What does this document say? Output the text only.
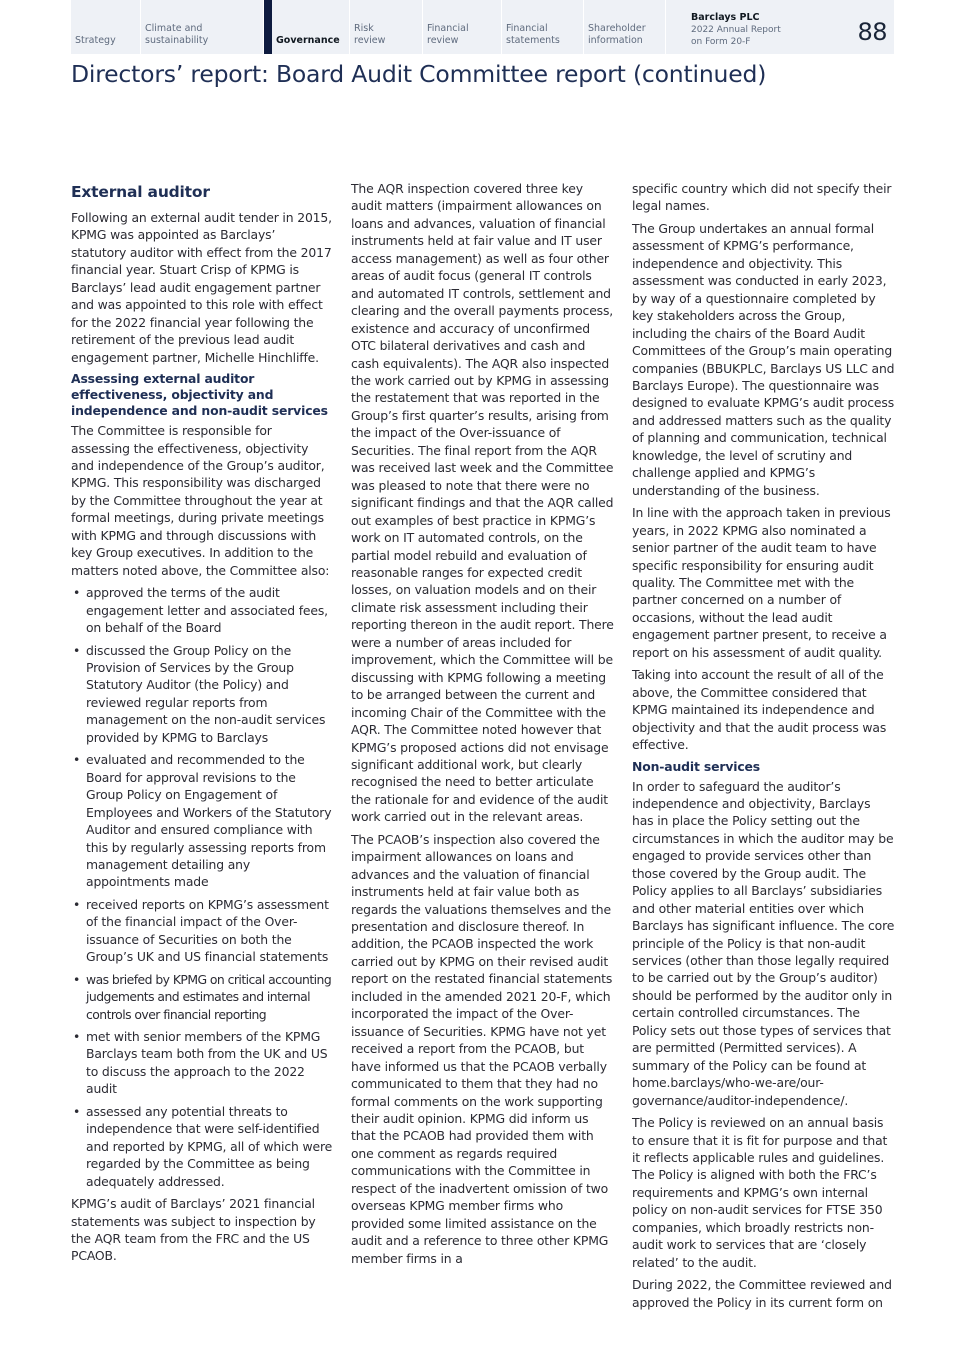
Strategy
Climate and sustainability	Governance
Risk review
Financial review
Financial statements
Shareholder information
Barclays PLC
2022 Annual Report
on Form 20-F	88
Directors’ report: Board Audit Committee report (continued)
External auditor

Following an external audit tender in 2015, KPMG was appointed as Barclays’ statutory auditor with effect from the 2017 financial year. Stuart Crisp of KPMG is Barclays’ lead audit engagement partner and was appointed to this role with effect for the 2022 financial year following the retirement of the previous lead audit engagement partner, Michelle Hinchliffe.

Assessing external auditor effectiveness, objectivity and independence and non-audit services

The Committee is responsible for assessing the effectiveness, objectivity and independence of the Group’s auditor, KPMG. This responsibility was discharged by the Committee throughout the year at formal meetings, during private meetings with KPMG and through discussions with key Group executives. In addition to the matters noted above, the Committee also:

• approved the terms of the audit engagement letter and associated fees, on behalf of the Board
• discussed the Group Policy on the Provision of Services by the Group Statutory Auditor (the Policy) and reviewed regular reports from management on the non-audit services provided by KPMG to Barclays
• evaluated and recommended to the Board for approval revisions to the Group Policy on Engagement of Employees and Workers of the Statutory Auditor and ensured compliance with this by regularly assessing reports from management detailing any appointments made
• received reports on KPMG’s assessment of the financial impact of the Over-issuance of Securities on both the Group’s UK and US financial statements
• was briefed by KPMG on critical accounting judgements and estimates and internal controls over financial reporting
• met with senior members of the KPMG Barclays team both from the UK and US to discuss the approach to the 2022 audit
• assessed any potential threats to independence that were self-identified and reported by KPMG, all of which were regarded by the Committee as being adequately addressed.

KPMG’s audit of Barclays’ 2021 financial statements was subject to inspection by the AQR team from the FRC and the US PCAOB.

The AQR inspection covered three key audit matters (impairment allowances on loans and advances, valuation of financial instruments held at fair value and IT user access management) as well as four other areas of audit focus (general IT controls and automated IT controls, settlement and clearing and the overall payments process, existence and accuracy of unconfirmed OTC bilateral derivatives and cash and cash equivalents). The AQR also inspected the work carried out by KPMG in assessing the restatement that was reported in the Group’s first quarter’s results, arising from the impact of the Over-issuance of Securities. The final report from the AQR was received last week and the Committee was pleased to note that there were no significant findings and that the AQR called out examples of best practice in KPMG’s work on IT automated controls, on the partial model rebuild and evaluation of reasonable ranges for expected credit losses, on valuation models and on their climate risk assessment including their reporting thereon in the audit report. There were a number of areas included for improvement, which the Committee will be discussing with KPMG following a meeting to be arranged between the current and incoming Chair of the Committee with the AQR. The Committee noted however that KPMG’s proposed actions did not envisage significant additional work, but clearly recognised the need to better articulate the rationale for and evidence of the audit work carried out in the relevant areas.

The PCAOB’s inspection also covered the impairment allowances on loans and advances and the valuation of financial instruments held at fair value both as regards the valuations themselves and the presentation and disclosure thereof. In addition, the PCAOB inspected the work carried out by KPMG on their revised audit report on the restated financial statements included in the amended 2021 20-F, which incorporated the impact of the Over-issuance of Securities. KPMG have not yet received a report from the PCAOB, but have informed us that the PCAOB verbally communicated to them that they had no formal comments on the work supporting their audit opinion. KPMG did inform us that the PCAOB had provided them with one comment as regards required communications with the Committee in respect of the inadvertent omission of two overseas KPMG member firms who provided some limited assistance on the audit and a reference to three other KPMG member firms in a

specific country which did not specify their legal names.

The Group undertakes an annual formal assessment of KPMG’s performance, independence and objectivity. This assessment was conducted in early 2023, by way of a questionnaire completed by key stakeholders across the Group, including the chairs of the Board Audit Committees of the Group’s main operating companies (BBUKPLC, Barclays US LLC and Barclays Europe). The questionnaire was designed to evaluate KPMG’s audit process and addressed matters such as the quality of planning and communication, technical knowledge, the level of scrutiny and challenge applied and KPMG’s understanding of the business.

In line with the approach taken in previous years, in 2022 KPMG also nominated a senior partner of the audit team to have specific responsibility for ensuring audit quality. The Committee met with the partner concerned on a number of occasions, without the lead audit engagement partner present, to receive a report on his assessment of audit quality.

Taking into account the result of all of the above, the Committee considered that KPMG maintained its independence and objectivity and that the audit process was effective.

Non-audit services

In order to safeguard the auditor’s independence and objectivity, Barclays has in place the Policy setting out the circumstances in which the auditor may be engaged to provide services other than those covered by the Group audit. The Policy applies to all Barclays’ subsidiaries and other material entities over which Barclays has significant influence. The core principle of the Policy is that non-audit services (other than those legally required to be carried out by the Group’s auditor) should be performed by the auditor only in certain controlled circumstances. The Policy sets out those types of services that are permitted (Permitted services). A summary of the Policy can be found at home.barclays/who-we-are/our-governance/auditor-independence/.

The Policy is reviewed on an annual basis to ensure that it is fit for purpose and that it reflects applicable rules and guidelines. The Policy is aligned with both the FRC’s requirements and KPMG’s own internal policy on non-audit services for FTSE 350 companies, which broadly restricts non-audit work to services that are ‘closely related’ to the audit.

During 2022, the Committee reviewed and approved the Policy in its current form on
